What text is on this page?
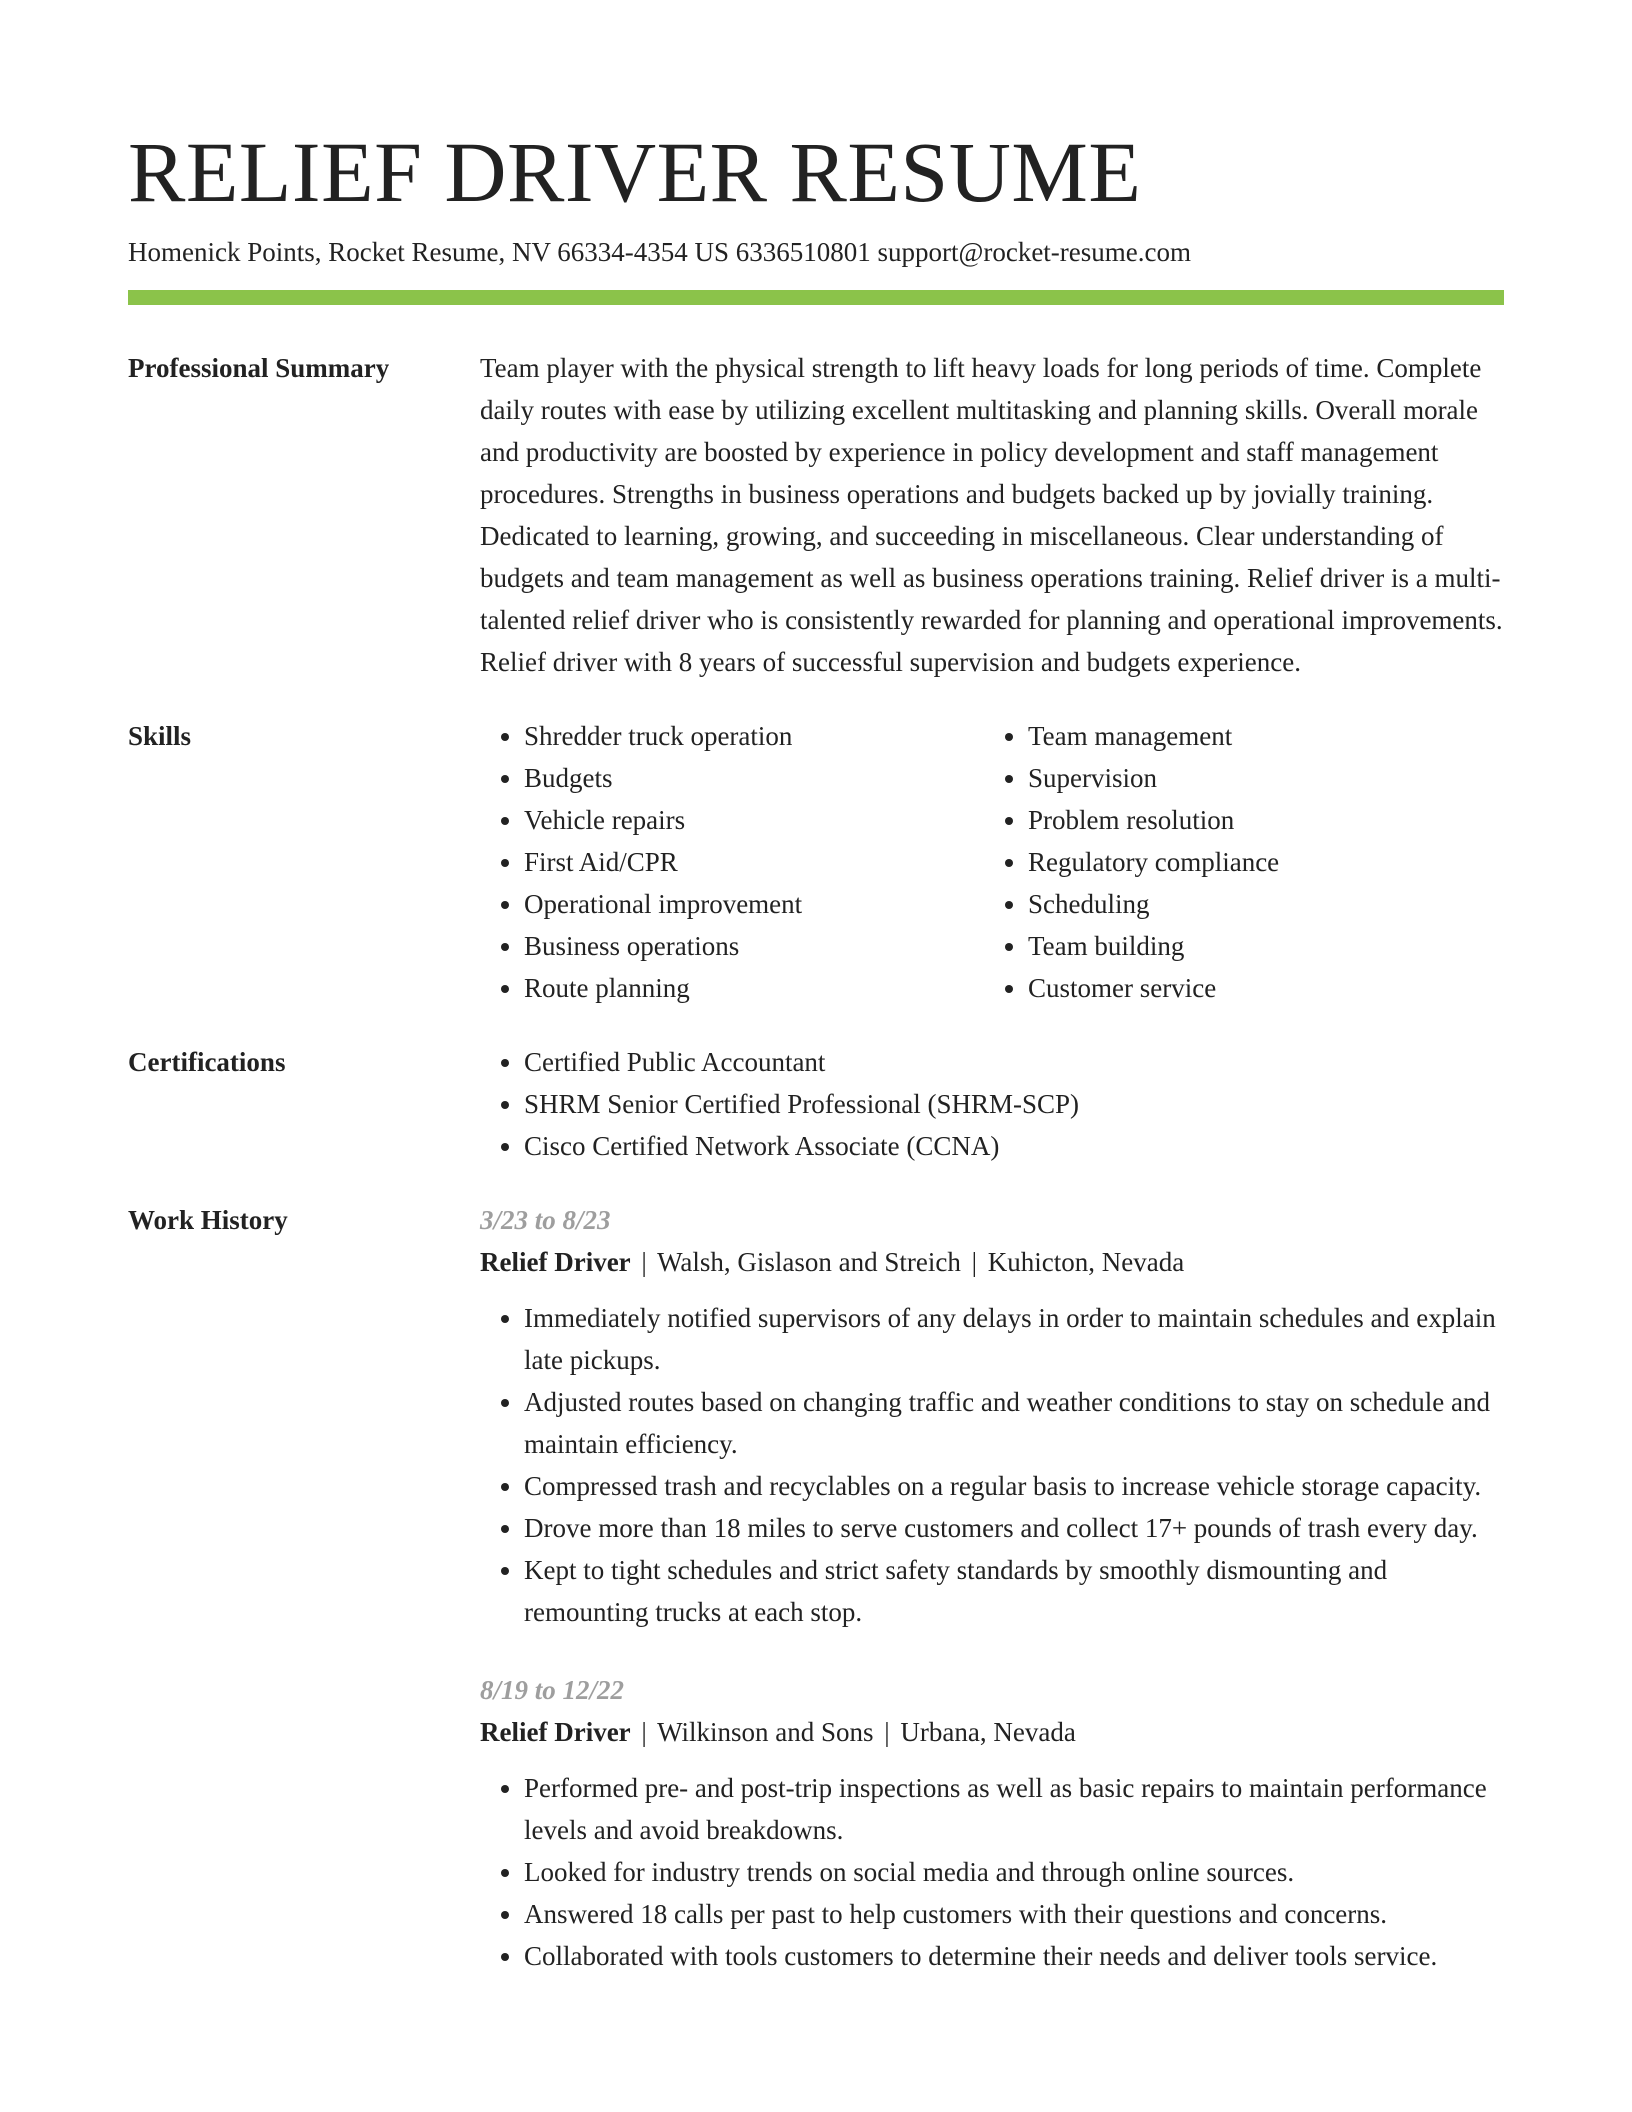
RELIEF DRIVER RESUME
Homenick Points, Rocket Resume, NV 66334-4354 US 6336510801 support@rocket-resume.com
Professional Summary	Team player with the physical strength to lift heavy loads for long periods of time. Complete daily routes with ease by utilizing excellent multitasking and planning skills. Overall morale and productivity are boosted by experience in policy development and staff management procedures. Strengths in business operations and budgets backed up by jovially training. Dedicated to learning, growing, and succeeding in miscellaneous. Clear understanding of budgets and team management as well as business operations training. Relief driver is a multi-talented relief driver who is consistently rewarded for planning and operational improvements. Relief driver with 8 years of successful supervision and budgets experience.

Skills	• Shredder truck operation
• Budgets
• Vehicle repairs
• First Aid/CPR
• Operational improvement
• Business operations
• Route planning
• Team management
• Supervision
• Problem resolution
• Regulatory compliance
• Scheduling
• Team building
• Customer service
Certifications	• Certified Public Accountant
• SHRM Senior Certified Professional (SHRM-SCP)
• Cisco Certified Network Associate (CCNA)
Work History	3/23 to 8/23
Relief Driver | Walsh, Gislason and Streich | Kuhicton, Nevada
• Immediately notified supervisors of any delays in order to maintain schedules and explain late pickups.
• Adjusted routes based on changing traffic and weather conditions to stay on schedule and maintain efficiency.
• Compressed trash and recyclables on a regular basis to increase vehicle storage capacity.
• Drove more than 18 miles to serve customers and collect 17+ pounds of trash every day.
• Kept to tight schedules and strict safety standards by smoothly dismounting and remounting trucks at each stop.
8/19 to 12/22
Relief Driver | Wilkinson and Sons | Urbana, Nevada
• Performed pre- and post-trip inspections as well as basic repairs to maintain performance levels and avoid breakdowns.
• Looked for industry trends on social media and through online sources.
• Answered 18 calls per past to help customers with their questions and concerns.
• Collaborated with tools customers to determine their needs and deliver tools service.
